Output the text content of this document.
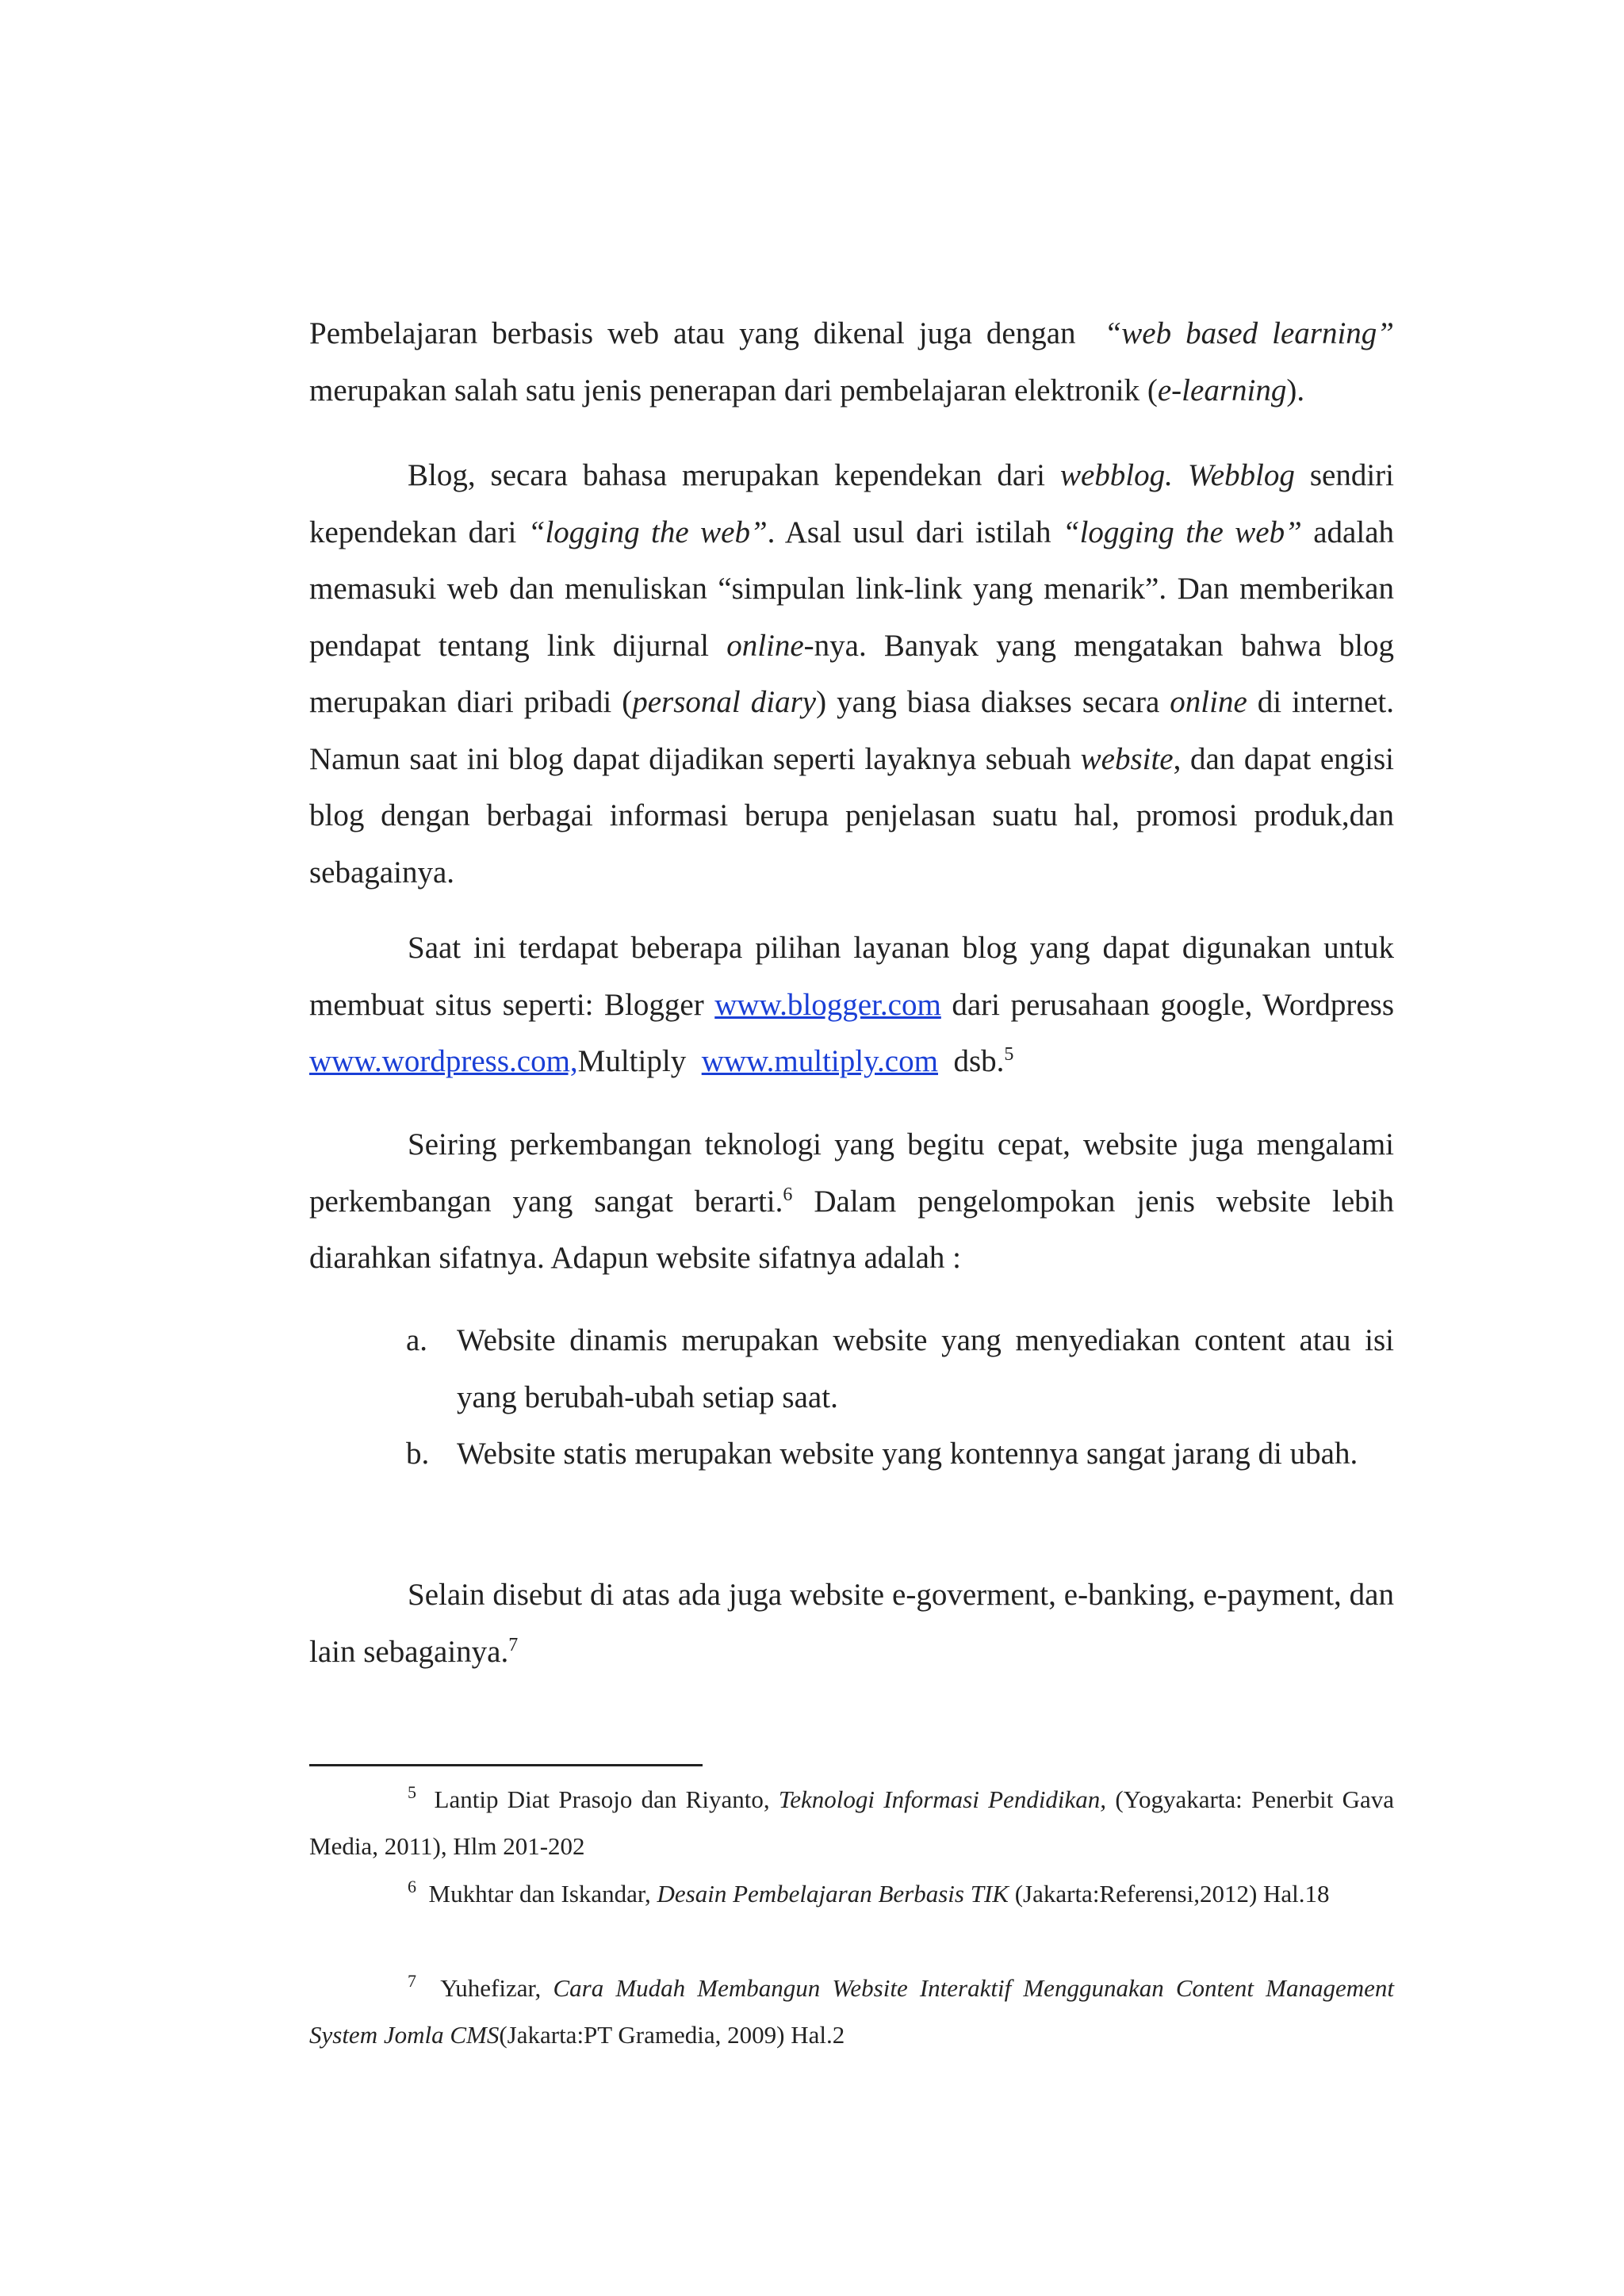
Pembelajaran berbasis web atau yang dikenal juga dengan “web based learning” merupakan salah satu jenis penerapan dari pembelajaran elektronik (e-learning).

Blog, secara bahasa merupakan kependekan dari webblog. Webblog sendiri kependekan dari “logging the web”. Asal usul dari istilah “logging the web” adalah memasuki web dan menuliskan “simpulan link-link yang menarik”. Dan memberikan pendapat tentang link dijurnal online-nya. Banyak yang mengatakan bahwa blog merupakan diari pribadi (personal diary) yang biasa diakses secara online di internet. Namun saat ini blog dapat dijadikan seperti layaknya sebuah website, dan dapat engisi blog dengan berbagai informasi berupa penjelasan suatu hal, promosi produk,dan sebagainya.

Saat ini terdapat beberapa pilihan layanan blog yang dapat digunakan untuk membuat situs seperti: Blogger www.blogger.com dari perusahaan google, Wordpress www.wordpress.com,Multiply www.multiply.com dsb.$^5$

Seiring perkembangan teknologi yang begitu cepat, website juga mengalami perkembangan yang sangat berarti.$^6$ Dalam pengelompokan jenis website lebih diarahkan sifatnya. Adapun website sifatnya adalah :

a. Website dinamis merupakan website yang menyediakan content atau isi yang berubah-ubah setiap saat.
b. Website statis merupakan website yang kontennya sangat jarang di ubah.

Selain disebut di atas ada juga website e-goverment, e-banking, e-payment, dan lain sebagainya.$^7$

$^5$ Lantip Diat Prasojo dan Riyanto, Teknologi Informasi Pendidikan, (Yogyakarta: Penerbit Gava Media, 2011), Hlm 201-202

$^6$ Mukhtar dan Iskandar, Desain Pembelajaran Berbasis TIK (Jakarta:Referensi,2012) Hal.18

$^7$ Yuhefizar, Cara Mudah Membangun Website Interaktif Menggunakan Content Management System Jomla CMS(Jakarta:PT Gramedia, 2009) Hal.2
